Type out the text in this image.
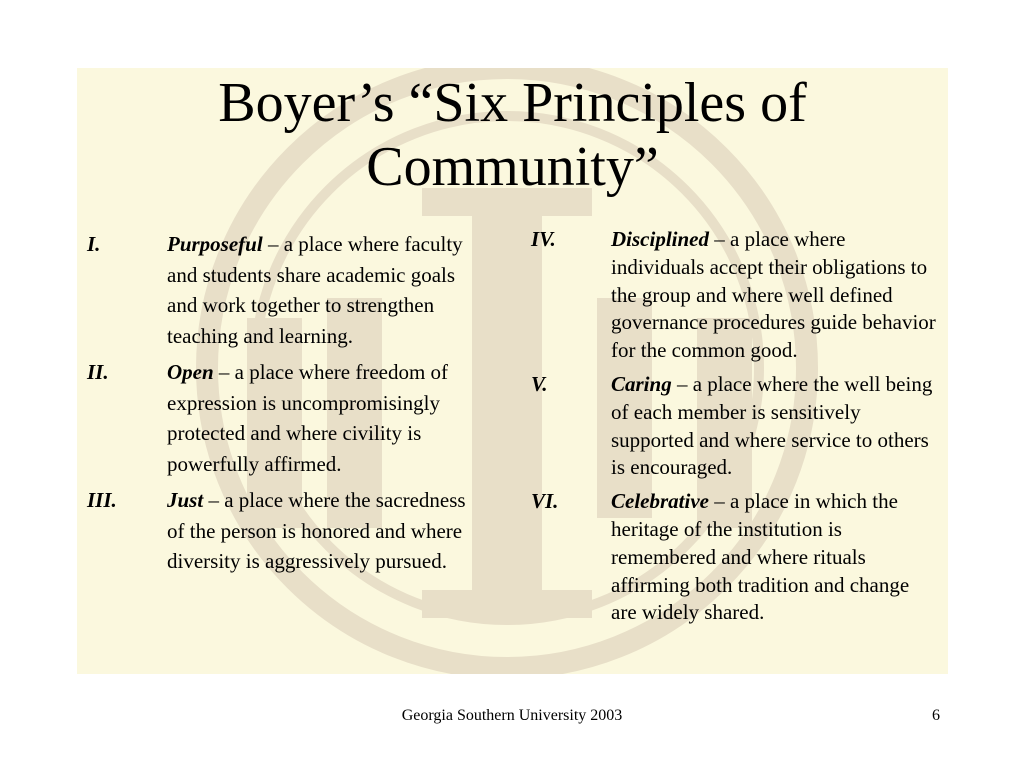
Boyer’s “Six Principles of Community”
I.	Purposeful – a place where faculty and students share academic goals and work together to strengthen teaching and learning.
II.	Open – a place where freedom of expression is uncompromisingly protected and where civility is powerfully affirmed.
III. Just – a place where the sacredness of the person is honored and where diversity is aggressively pursued.
IV.	Disciplined – a place where individuals accept their obligations to the group and where well defined governance procedures guide behavior for the common good.
V.	Caring – a place where the well being of each member is sensitively supported and where service to others is encouraged.
VI.	Celebrative – a place in which the heritage of the institution is remembered and where rituals affirming both tradition and change are widely shared.
Georgia Southern University 2003	6
